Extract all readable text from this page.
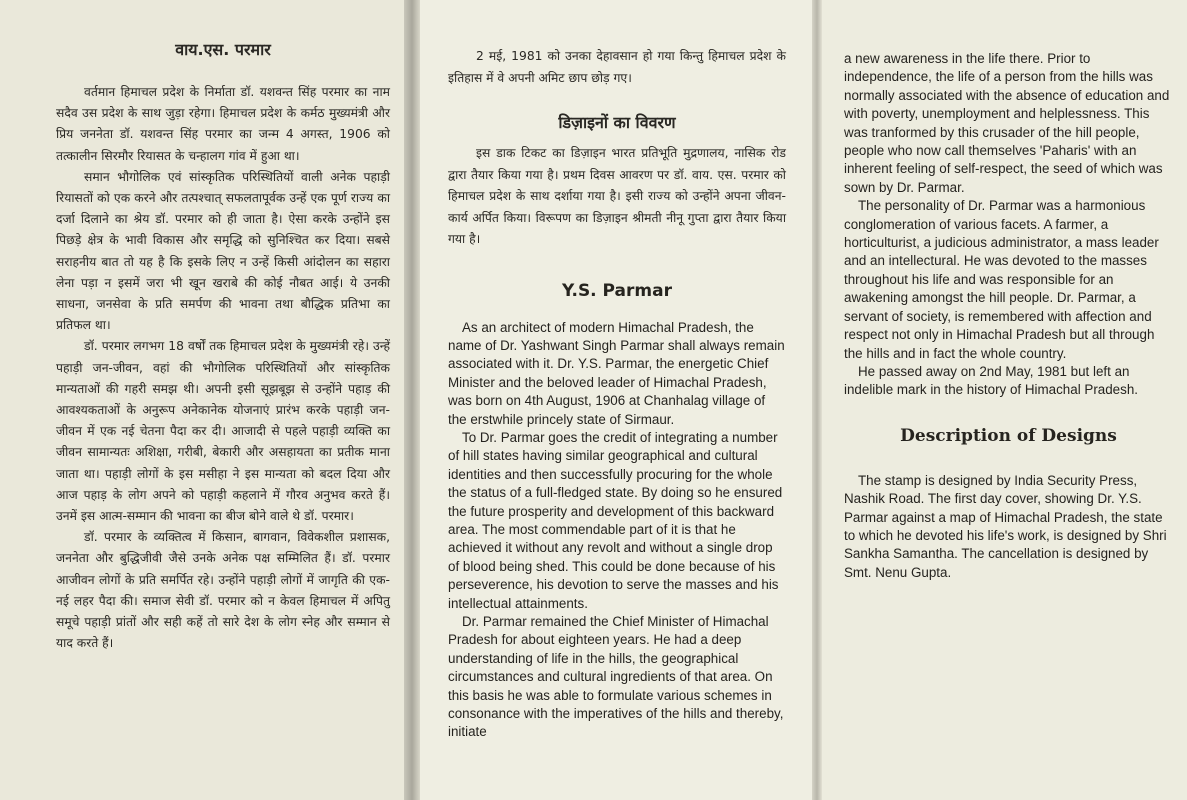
वाय.एस. परमार

वर्तमान हिमाचल प्रदेश के निर्माता डॉ. यशवन्त सिंह परमार का नाम सदैव उस प्रदेश के साथ जुड़ा रहेगा। हिमाचल प्रदेश के कर्मठ मुख्यमंत्री और प्रिय जननेता डॉ. यशवन्त सिंह परमार का जन्म 4 अगस्त, 1906 को तत्कालीन सिरमौर रियासत के चन्हालग गांव में हुआ था।

समान भौगोलिक एवं सांस्कृतिक परिस्थितियों वाली अनेक पहाड़ी रियासतों को एक करने और तत्पश्चात् सफलतापूर्वक उन्हें एक पूर्ण राज्य का दर्जा दिलाने का श्रेय डॉ. परमार को ही जाता है। ऐसा करके उन्होंने इस पिछड़े क्षेत्र के भावी विकास और समृद्धि को सुनिश्चित कर दिया। सबसे सराहनीय बात तो यह है कि इसके लिए न उन्हें किसी आंदोलन का सहारा लेना पड़ा न इसमें जरा भी खून खराबे की कोई नौबत आई। ये उनकी साधना, जनसेवा के प्रति समर्पण की भावना तथा बौद्धिक प्रतिभा का प्रतिफल था।

डॉ. परमार लगभग 18 वर्षों तक हिमाचल प्रदेश के मुख्यमंत्री रहे। उन्हें पहाड़ी जन-जीवन, वहां की भौगोलिक परिस्थितियों और सांस्कृतिक मान्यताओं की गहरी समझ थी। अपनी इसी सूझबूझ से उन्होंने पहाड़ की आवश्यकताओं के अनुरूप अनेकानेक योजनाएं प्रारंभ करके पहाड़ी जन-जीवन में एक नई चेतना पैदा कर दी। आजादी से पहले पहाड़ी व्यक्ति का जीवन सामान्यतः अशिक्षा, गरीबी, बेकारी और असहायता का प्रतीक माना जाता था। पहाड़ी लोगों के इस मसीहा ने इस मान्यता को बदल दिया और आज पहाड़ के लोग अपने को पहाड़ी कहलाने में गौरव अनुभव करते हैं। उनमें इस आत्म-सम्मान की भावना का बीज बोने वाले थे डॉ. परमार।

डॉ. परमार के व्यक्तित्व में किसान, बागवान, विवेकशील प्रशासक, जननेता और बुद्धिजीवी जैसे उनके अनेक पक्ष सम्मिलित हैं। डॉ. परमार आजीवन लोगों के प्रति समर्पित रहे। उन्होंने पहाड़ी लोगों में जागृति की एक-नई लहर पैदा की। समाज सेवी डॉ. परमार को न केवल हिमाचल में अपितु समूचे पहाड़ी प्रांतों और सही कहें तो सारे देश के लोग स्नेह और सम्मान से याद करते हैं।

2 मई, 1981 को उनका देहावसान हो गया किन्तु हिमाचल प्रदेश के इतिहास में वे अपनी अमिट छाप छोड़ गए।

डिज़ाइनों का विवरण

इस डाक टिकट का डिज़ाइन भारत प्रतिभूति मुद्रणालय, नासिक रोड द्वारा तैयार किया गया है। प्रथम दिवस आवरण पर डॉ. वाय. एस. परमार को हिमाचल प्रदेश के साथ दर्शाया गया है। इसी राज्य को उन्होंने अपना जीवन-कार्य अर्पित किया। विरूपण का डिज़ाइन श्रीमती नीनू गुप्ता द्वारा तैयार किया गया है।

Y.S. Parmar

As an architect of modern Himachal Pradesh, the name of Dr. Yashwant Singh Parmar shall always remain associated with it. Dr. Y.S. Parmar, the energetic Chief Minister and the beloved leader of Himachal Pradesh, was born on 4th August, 1906 at Chanhalag village of the erstwhile princely state of Sirmaur.

To Dr. Parmar goes the credit of integrating a number of hill states having similar geographical and cultural identities and then successfully procuring for the whole the status of a full-fledged state. By doing so he ensured the future prosperity and development of this backward area. The most commendable part of it is that he achieved it without any revolt and without a single drop of blood being shed. This could be done because of his perseverence, his devotion to serve the masses and his intellectual attainments.

Dr. Parmar remained the Chief Minister of Himachal Pradesh for about eighteen years. He had a deep understanding of life in the hills, the geographical circumstances and cultural ingredients of that area. On this basis he was able to formulate various schemes in consonance with the imperatives of the hills and thereby, initiate

a new awareness in the life there. Prior to independence, the life of a person from the hills was normally associated with the absence of education and with poverty, unemployment and helplessness. This was tranformed by this crusader of the hill people, people who now call themselves 'Paharis' with an inherent feeling of self-respect, the seed of which was sown by Dr. Parmar.

The personality of Dr. Parmar was a harmonious conglomeration of various facets. A farmer, a horticulturist, a judicious administrator, a mass leader and an intellectural. He was devoted to the masses throughout his life and was responsible for an awakening amongst the hill people. Dr. Parmar, a servant of society, is remembered with affection and respect not only in Himachal Pradesh but all through the hills and in fact the whole country.

He passed away on 2nd May, 1981 but left an indelible mark in the history of Himachal Pradesh.

Description of Designs

The stamp is designed by India Security Press, Nashik Road. The first day cover, showing Dr. Y.S. Parmar against a map of Himachal Pradesh, the state to which he devoted his life's work, is designed by Shri Sankha Samantha. The cancellation is designed by Smt. Nenu Gupta.
